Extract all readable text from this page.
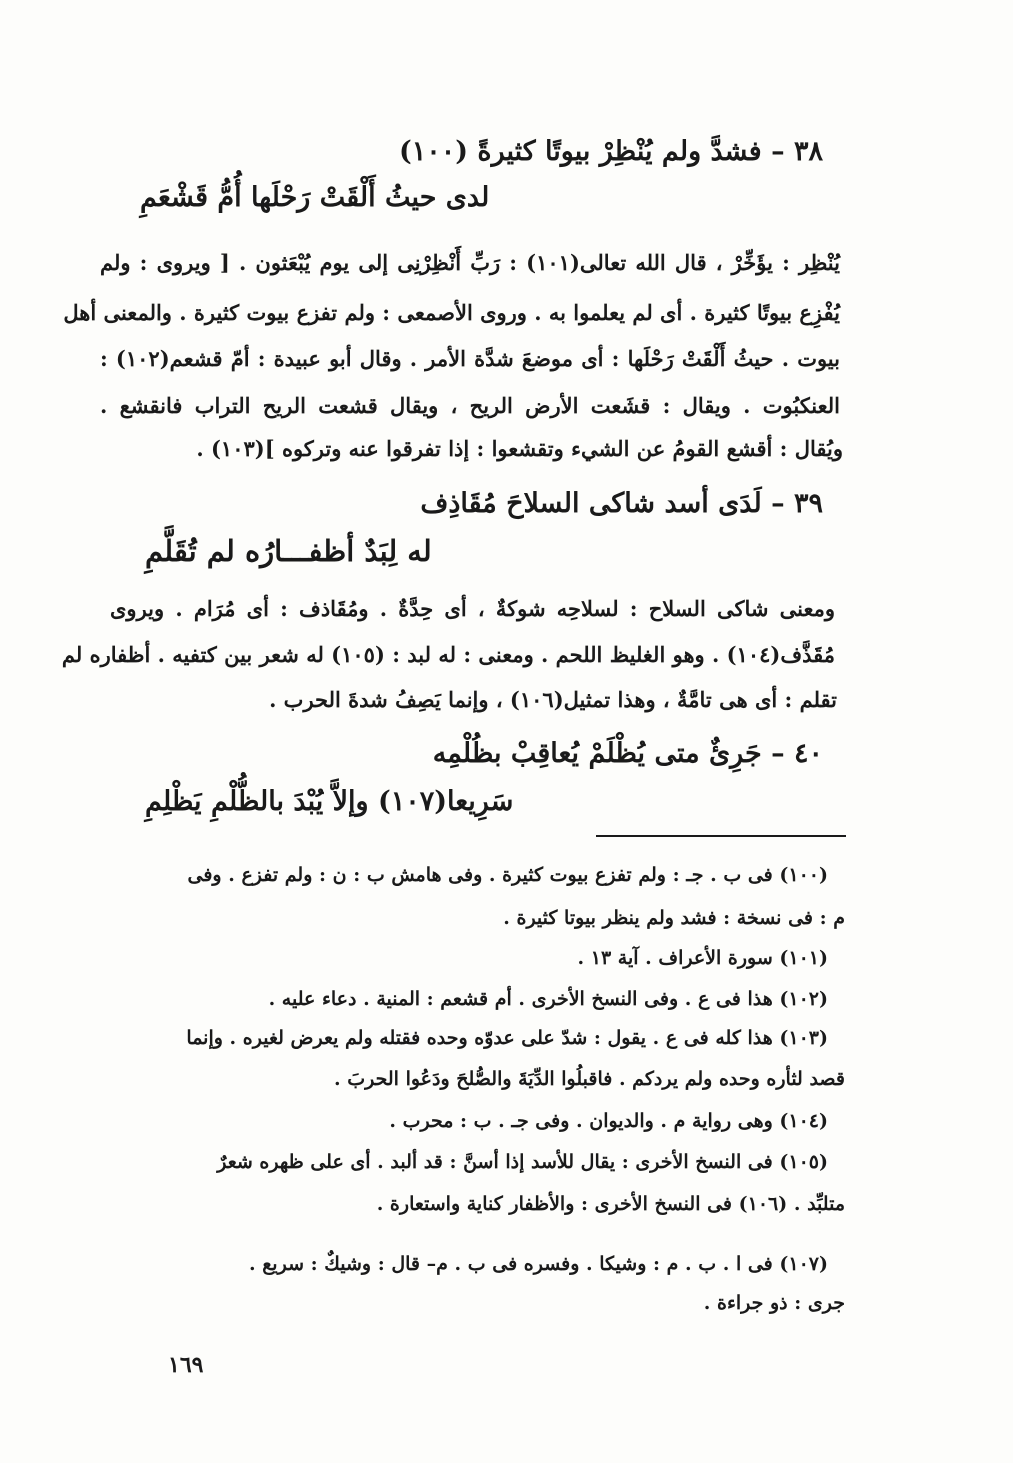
٣٨ – فشدَّ ولم يُنْظِرْ بيوتًا كثيرةً (١٠٠)
لدى حيثُ أَلْقَتْ رَحْلَها أُمُّ قَشْعَمِ
يُنْظِر : يؤَخِّرْ ، قال الله تعالى(١٠١) : رَبِّ أَنْظِرْنِى إلى يوم يُبْعَثون . [ ويروى : ولم
يُفْزِع بيوتًا كثيرة . أى لم يعلموا به . وروى الأصمعى : ولم تفزع بيوت كثيرة . والمعنى أهل
بيوت . حيثُ أَلْقَتْ رَحْلَها : أى موضعَ شدَّة الأمر . وقال أبو عبيدة : أمّ قشعم(١٠٢) :
العنكبُوت . ويقال : قشَعت الأرض الريح ، ويقال قشعت الريح التراب فانقشع .
ويُقال : أقشع القومُ عن الشيء وتقشعوا : إذا تفرقوا عنه وتركوه ](١٠٣) .
٣٩ – لَدَى أسد شاكى السلاحَ مُقَاذِف
له لِبَدٌ أظفـــارُه لم تُقَلَّمِ
ومعنى شاكى السلاح : لسلاحِه شوكةٌ ، أى حِدَّةٌ . ومُقَاذف : أى مُرَام . ويروى
مُقَذَّف(١٠٤) . وهو الغليظ اللحم . ومعنى : له لبد : (١٠٥) له شعر بين كتفيه . أظفاره لم
تقلم : أى هى تامَّةٌ ، وهذا تمثيل(١٠٦) ، وإنما يَصِفُ شدةَ الحرب .
٤٠ – جَرِئٌ متى يُظْلَمْ يُعاقِبْ بظُلْمِه
سَرِيعا(١٠٧) وإلاَّ يُبْدَ بالظُّلْمِ يَظْلِمِ
(١٠٠) فى ب . جـ : ولم تفزع بيوت كثيرة . وفى هامش ب : ن : ولم تفزع . وفى
م : فى نسخة : فشد ولم ينظر بيوتا كثيرة .
(١٠١) سورة الأعراف . آية ١٣ .
(١٠٢) هذا فى ع . وفى النسخ الأخرى . أم قشعم : المنية . دعاء عليه .
(١٠٣) هذا كله فى ع . يقول : شدّ على عدوّه وحده فقتله ولم يعرض لغيره . وإنما
قصد لثأره وحده ولم يردكم . فاقبلُوا الدِّيَةَ والصُّلحَ ودَعُوا الحربَ .
(١٠٤) وهى رواية م . والديوان . وفى جـ . ب : محرب .
(١٠٥) فى النسخ الأخرى : يقال للأسد إذا أسنَّ : قد ألبد . أى على ظهره شعرٌ
متلبِّد . (١٠٦) فى النسخ الأخرى : والأظفار كناية واستعارة .
(١٠٧) فى ا . ب . م : وشيكا . وفسره فى ب . م– قال : وشيكٌ : سريع .
جرى : ذو جراءة .
١٦٩
